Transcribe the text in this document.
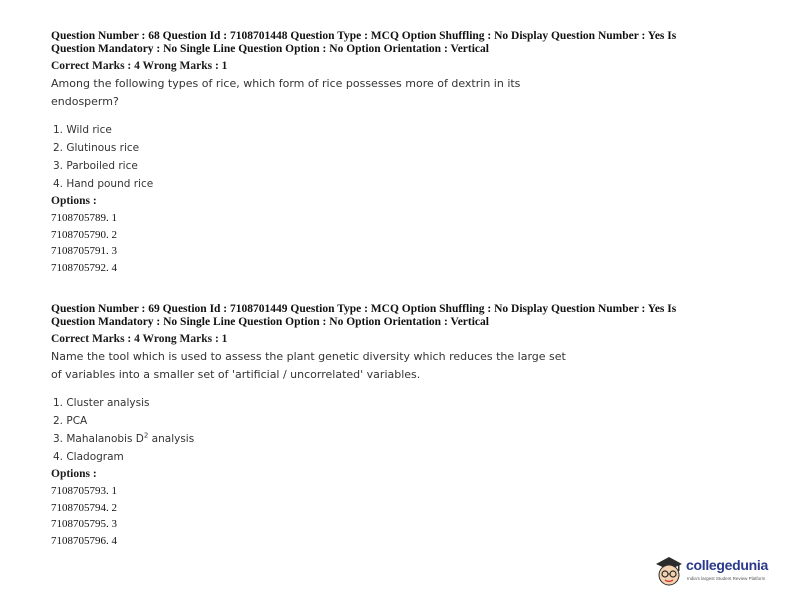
Question Number : 68 Question Id : 7108701448 Question Type : MCQ Option Shuffling : No Display Question Number : Yes Is
Question Mandatory : No Single Line Question Option : No Option Orientation : Vertical
Correct Marks : 4 Wrong Marks : 1
Among the following types of rice, which form of rice possesses more of dextrin in its
endosperm?
1. Wild rice
2. Glutinous rice
3. Parboiled rice
4. Hand pound rice
Options :
7108705789. 1
7108705790. 2
7108705791. 3
7108705792. 4
Question Number : 69 Question Id : 7108701449 Question Type : MCQ Option Shuffling : No Display Question Number : Yes Is
Question Mandatory : No Single Line Question Option : No Option Orientation : Vertical
Correct Marks : 4 Wrong Marks : 1
Name the tool which is used to assess the plant genetic diversity which reduces the large set
of variables into a smaller set of 'artificial / uncorrelated' variables.
1. Cluster analysis
2. PCA
3. Mahalanobis $D^2$ analysis
4. Cladogram
Options :
7108705793. 1
7108705794. 2
7108705795. 3
7108705796. 4
collegedunia
India's largest Student Review Platform
